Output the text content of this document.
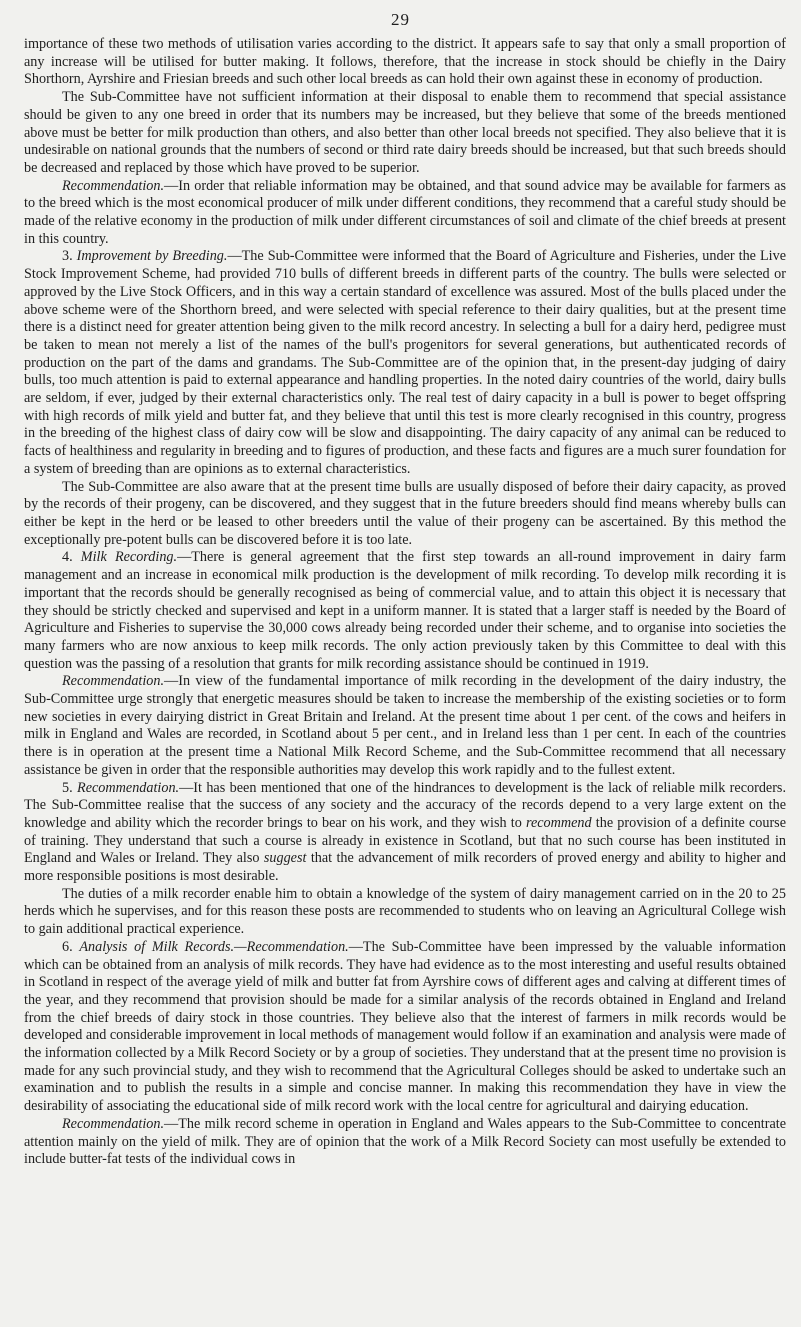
29

importance of these two methods of utilisation varies according to the district. It appears safe to say that only a small proportion of any increase will be utilised for butter making. It follows, therefore, that the increase in stock should be chiefly in the Dairy Shorthorn, Ayrshire and Friesian breeds and such other local breeds as can hold their own against these in economy of production.

The Sub-Committee have not sufficient information at their disposal to enable them to recommend that special assistance should be given to any one breed in order that its numbers may be increased, but they believe that some of the breeds mentioned above must be better for milk production than others, and also better than other local breeds not specified. They also believe that it is undesirable on national grounds that the numbers of second or third rate dairy breeds should be increased, but that such breeds should be decreased and replaced by those which have proved to be superior.

Recommendation.—In order that reliable information may be obtained, and that sound advice may be available for farmers as to the breed which is the most economical producer of milk under different conditions, they recommend that a careful study should be made of the relative economy in the production of milk under different circumstances of soil and climate of the chief breeds at present in this country.

3. Improvement by Breeding.—The Sub-Committee were informed that the Board of Agriculture and Fisheries, under the Live Stock Improvement Scheme, had provided 710 bulls of different breeds in different parts of the country. The bulls were selected or approved by the Live Stock Officers, and in this way a certain standard of excellence was assured. Most of the bulls placed under the above scheme were of the Shorthorn breed, and were selected with special reference to their dairy qualities, but at the present time there is a distinct need for greater attention being given to the milk record ancestry. In selecting a bull for a dairy herd, pedigree must be taken to mean not merely a list of the names of the bull's progenitors for several generations, but authenticated records of production on the part of the dams and grandams. The Sub-Committee are of the opinion that, in the present-day judging of dairy bulls, too much attention is paid to external appearance and handling properties. In the noted dairy countries of the world, dairy bulls are seldom, if ever, judged by their external characteristics only. The real test of dairy capacity in a bull is power to beget offspring with high records of milk yield and butter fat, and they believe that until this test is more clearly recognised in this country, progress in the breeding of the highest class of dairy cow will be slow and disappointing. The dairy capacity of any animal can be reduced to facts of healthiness and regularity in breeding and to figures of production, and these facts and figures are a much surer foundation for a system of breeding than are opinions as to external characteristics.

The Sub-Committee are also aware that at the present time bulls are usually disposed of before their dairy capacity, as proved by the records of their progeny, can be discovered, and they suggest that in the future breeders should find means whereby bulls can either be kept in the herd or be leased to other breeders until the value of their progeny can be ascertained. By this method the exceptionally pre-potent bulls can be discovered before it is too late.

4. Milk Recording.—There is general agreement that the first step towards an all-round improvement in dairy farm management and an increase in economical milk production is the development of milk recording. To develop milk recording it is important that the records should be generally recognised as being of commercial value, and to attain this object it is necessary that they should be strictly checked and supervised and kept in a uniform manner. It is stated that a larger staff is needed by the Board of Agriculture and Fisheries to supervise the 30,000 cows already being recorded under their scheme, and to organise into societies the many farmers who are now anxious to keep milk records. The only action previously taken by this Committee to deal with this question was the passing of a resolution that grants for milk recording assistance should be continued in 1919.

Recommendation.—In view of the fundamental importance of milk recording in the development of the dairy industry, the Sub-Committee urge strongly that energetic measures should be taken to increase the membership of the existing societies or to form new societies in every dairying district in Great Britain and Ireland. At the present time about 1 per cent. of the cows and heifers in milk in England and Wales are recorded, in Scotland about 5 per cent., and in Ireland less than 1 per cent. In each of the countries there is in operation at the present time a National Milk Record Scheme, and the Sub-Committee recommend that all necessary assistance be given in order that the responsible authorities may develop this work rapidly and to the fullest extent.

5. Recommendation.—It has been mentioned that one of the hindrances to development is the lack of reliable milk recorders. The Sub-Committee realise that the success of any society and the accuracy of the records depend to a very large extent on the knowledge and ability which the recorder brings to bear on his work, and they wish to recommend the provision of a definite course of training. They understand that such a course is already in existence in Scotland, but that no such course has been instituted in England and Wales or Ireland. They also suggest that the advancement of milk recorders of proved energy and ability to higher and more responsible positions is most desirable.

The duties of a milk recorder enable him to obtain a knowledge of the system of dairy management carried on in the 20 to 25 herds which he supervises, and for this reason these posts are recommended to students who on leaving an Agricultural College wish to gain additional practical experience.

6. Analysis of Milk Records.—Recommendation.—The Sub-Committee have been impressed by the valuable information which can be obtained from an analysis of milk records. They have had evidence as to the most interesting and useful results obtained in Scotland in respect of the average yield of milk and butter fat from Ayrshire cows of different ages and calving at different times of the year, and they recommend that provision should be made for a similar analysis of the records obtained in England and Ireland from the chief breeds of dairy stock in those countries. They believe also that the interest of farmers in milk records would be developed and considerable improvement in local methods of management would follow if an examination and analysis were made of the information collected by a Milk Record Society or by a group of societies. They understand that at the present time no provision is made for any such provincial study, and they wish to recommend that the Agricultural Colleges should be asked to undertake such an examination and to publish the results in a simple and concise manner. In making this recommendation they have in view the desirability of associating the educational side of milk record work with the local centre for agricultural and dairying education.

Recommendation.—The milk record scheme in operation in England and Wales appears to the Sub-Committee to concentrate attention mainly on the yield of milk. They are of opinion that the work of a Milk Record Society can most usefully be extended to include butter-fat tests of the individual cows in
